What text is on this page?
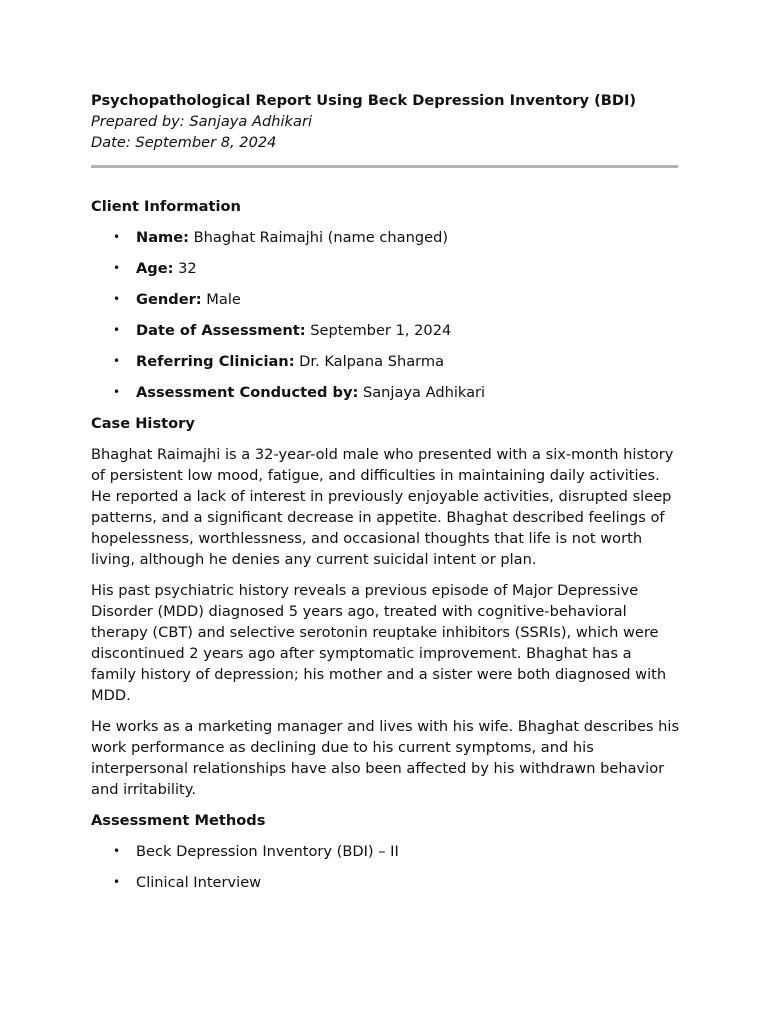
Psychopathological Report Using Beck Depression Inventory (BDI)

Prepared by: Sanjaya Adhikari

Date: September 8, 2024

Client Information

• Name: Bhaghat Raimajhi (name changed)
• Age: 32
• Gender: Male
• Date of Assessment: September 1, 2024
• Referring Clinician: Dr. Kalpana Sharma
• Assessment Conducted by: Sanjaya Adhikari

Case History

Bhaghat Raimajhi is a 32-year-old male who presented with a six-month history of persistent low mood, fatigue, and difficulties in maintaining daily activities. He reported a lack of interest in previously enjoyable activities, disrupted sleep patterns, and a significant decrease in appetite. Bhaghat described feelings of hopelessness, worthlessness, and occasional thoughts that life is not worth living, although he denies any current suicidal intent or plan.

His past psychiatric history reveals a previous episode of Major Depressive Disorder (MDD) diagnosed 5 years ago, treated with cognitive-behavioral therapy (CBT) and selective serotonin reuptake inhibitors (SSRIs), which were discontinued 2 years ago after symptomatic improvement. Bhaghat has a family history of depression; his mother and a sister were both diagnosed with MDD.

He works as a marketing manager and lives with his wife. Bhaghat describes his work performance as declining due to his current symptoms, and his interpersonal relationships have also been affected by his withdrawn behavior and irritability.

Assessment Methods

• Beck Depression Inventory (BDI) – II
• Clinical Interview
